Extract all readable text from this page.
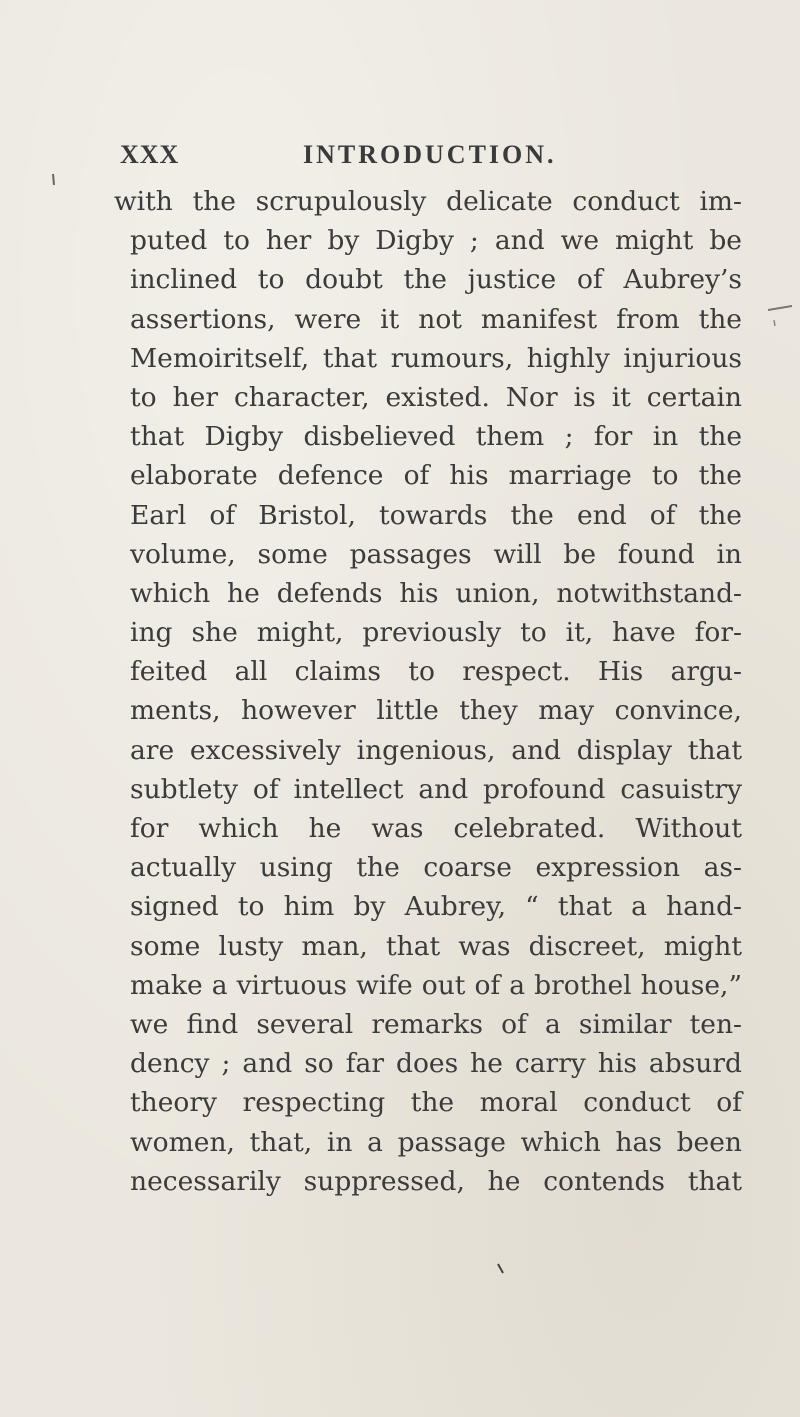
XXX	INTRODUCTION.
with the scrupulously delicate conduct im-
puted to her by Digby ; and we might be
inclined to doubt the justice of Aubrey’s
assertions, were it not manifest from the
Memoiritself, that rumours, highly injurious
to her character, existed. Nor is it certain
that Digby disbelieved them ; for in the
elaborate defence of his marriage to the
Earl of Bristol, towards the end of the
volume, some passages will be found in
which he defends his union, notwithstand-
ing she might, previously to it, have for-
feited all claims to respect. His argu-
ments, however little they may convince,
are excessively ingenious, and display that
subtlety of intellect and profound casuistry
for which he was celebrated. Without
actually using the coarse expression as-
signed to him by Aubrey, “ that a hand-
some lusty man, that was discreet, might
make a virtuous wife out of a brothel house,”
we find several remarks of a similar ten-
dency ; and so far does he carry his absurd
theory respecting the moral conduct of
women, that, in a passage which has been
necessarily suppressed, he contends that
